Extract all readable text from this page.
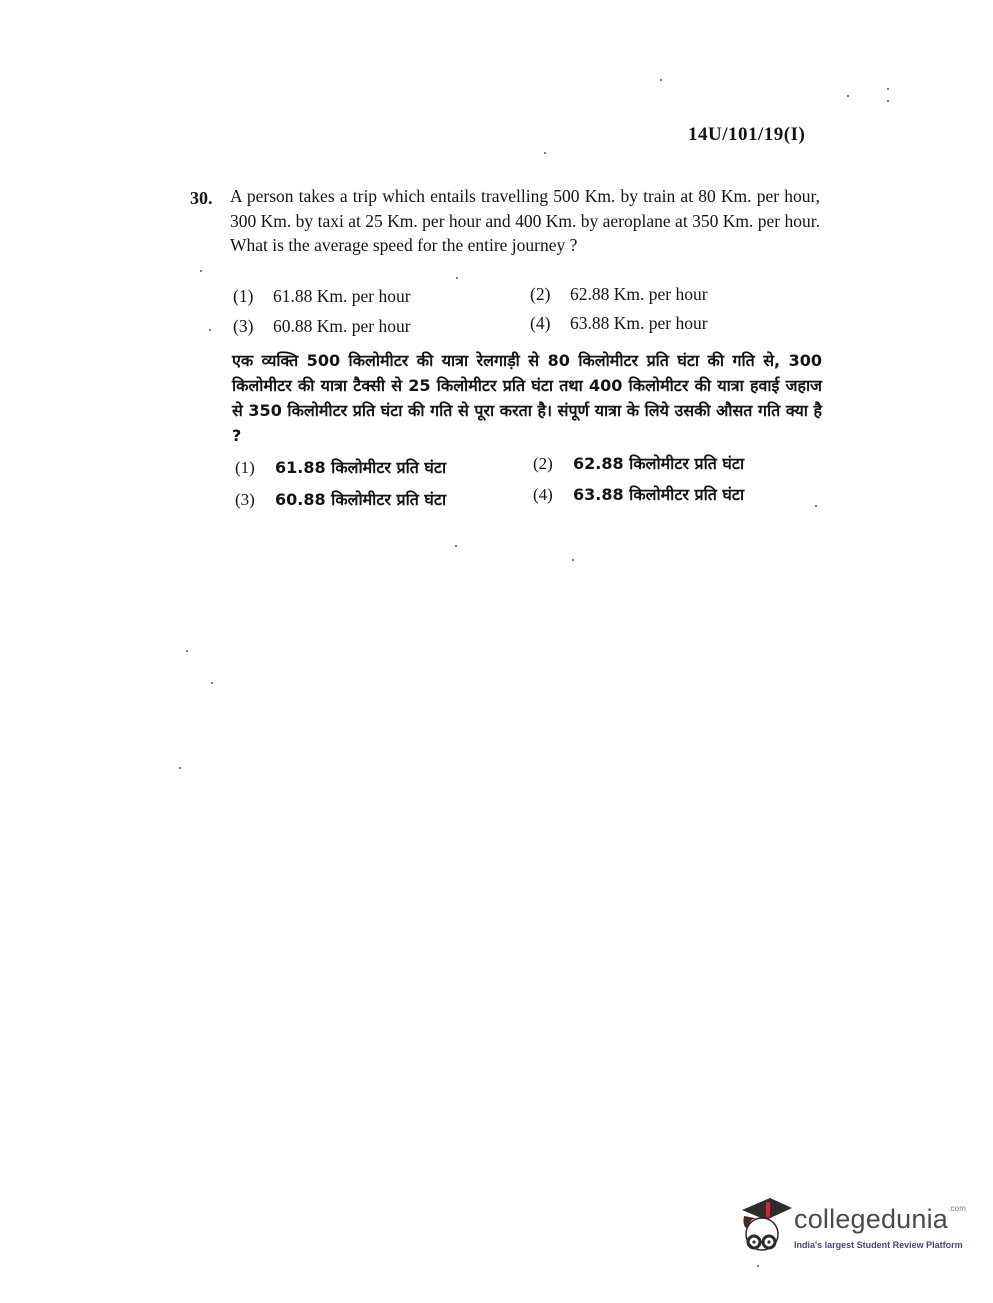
14U/101/19(I)
30. A person takes a trip which entails travelling 500 Km. by train at 80 Km. per hour, 300 Km. by taxi at 25 Km. per hour and 400 Km. by aeroplane at 350 Km. per hour. What is the average speed for the entire journey ?
(1) 61.88 Km. per hour	(2) 62.88 Km. per hour
(3) 60.88 Km. per hour	(4) 63.88 Km. per hour
एक व्यक्ति 500 किलोमीटर की यात्रा रेलगाड़ी से 80 किलोमीटर प्रति घंटा की गति से, 300 किलोमीटर की यात्रा टैक्सी से 25 किलोमीटर प्रति घंटा तथा 400 किलोमीटर की यात्रा हवाई जहाज से 350 किलोमीटर प्रति घंटा की गति से पूरा करता है। संपूर्ण यात्रा के लिये उसकी औसत गति क्या है ?
(1) 61.88 किलोमीटर प्रति घंटा	(2) 62.88 किलोमीटर प्रति घंटा
(3) 60.88 किलोमीटर प्रति घंटा	(4) 63.88 किलोमीटर प्रति घंटा
collegedunia$^{.com}$
India's largest Student Review Platform
